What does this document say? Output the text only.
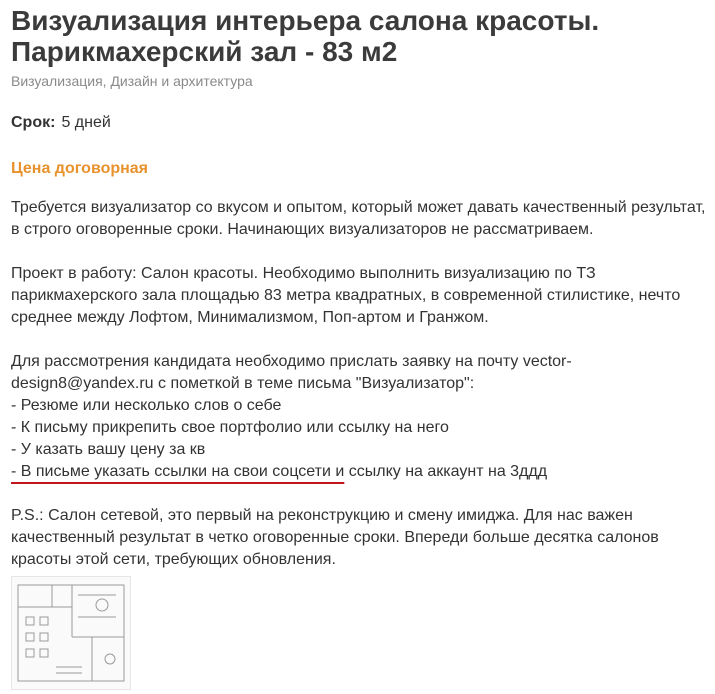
Визуализация интерьера салона красоты.
Парикмахерский зал - 83 м2
Визуализация, Дизайн и архитектура
Срок: 5 дней
Цена договорная

Требуется визуализатор со вкусом и опытом, который может давать качественный результат,
в строго оговоренные сроки. Начинающих визуализаторов не рассматриваем.

Проект в работу: Салон красоты. Необходимо выполнить визуализацию по ТЗ
парикмахерского зала площадью 83 метра квадратных, в современной стилистике, нечто
среднее между Лофтом, Минимализмом, Поп-артом и Гранжом.

Для рассмотрения кандидата необходимо прислать заявку на почту vector-
design8@yandex.ru с пометкой в теме письма "Визуализатор":
- Резюме или несколько слов о себе
- К письму прикрепить свое портфолио или ссылку на него
- У казать вашу цену за кв
- В письме указать ссылки на свои соцсети и ссылку на аккаунт на 3ддд

P.S.: Салон сетевой, это первый на реконструкцию и смену имиджа. Для нас важен
качественный результат в четко оговоренные сроки. Впереди больше десятка салонов
красоты этой сети, требующих обновления.
